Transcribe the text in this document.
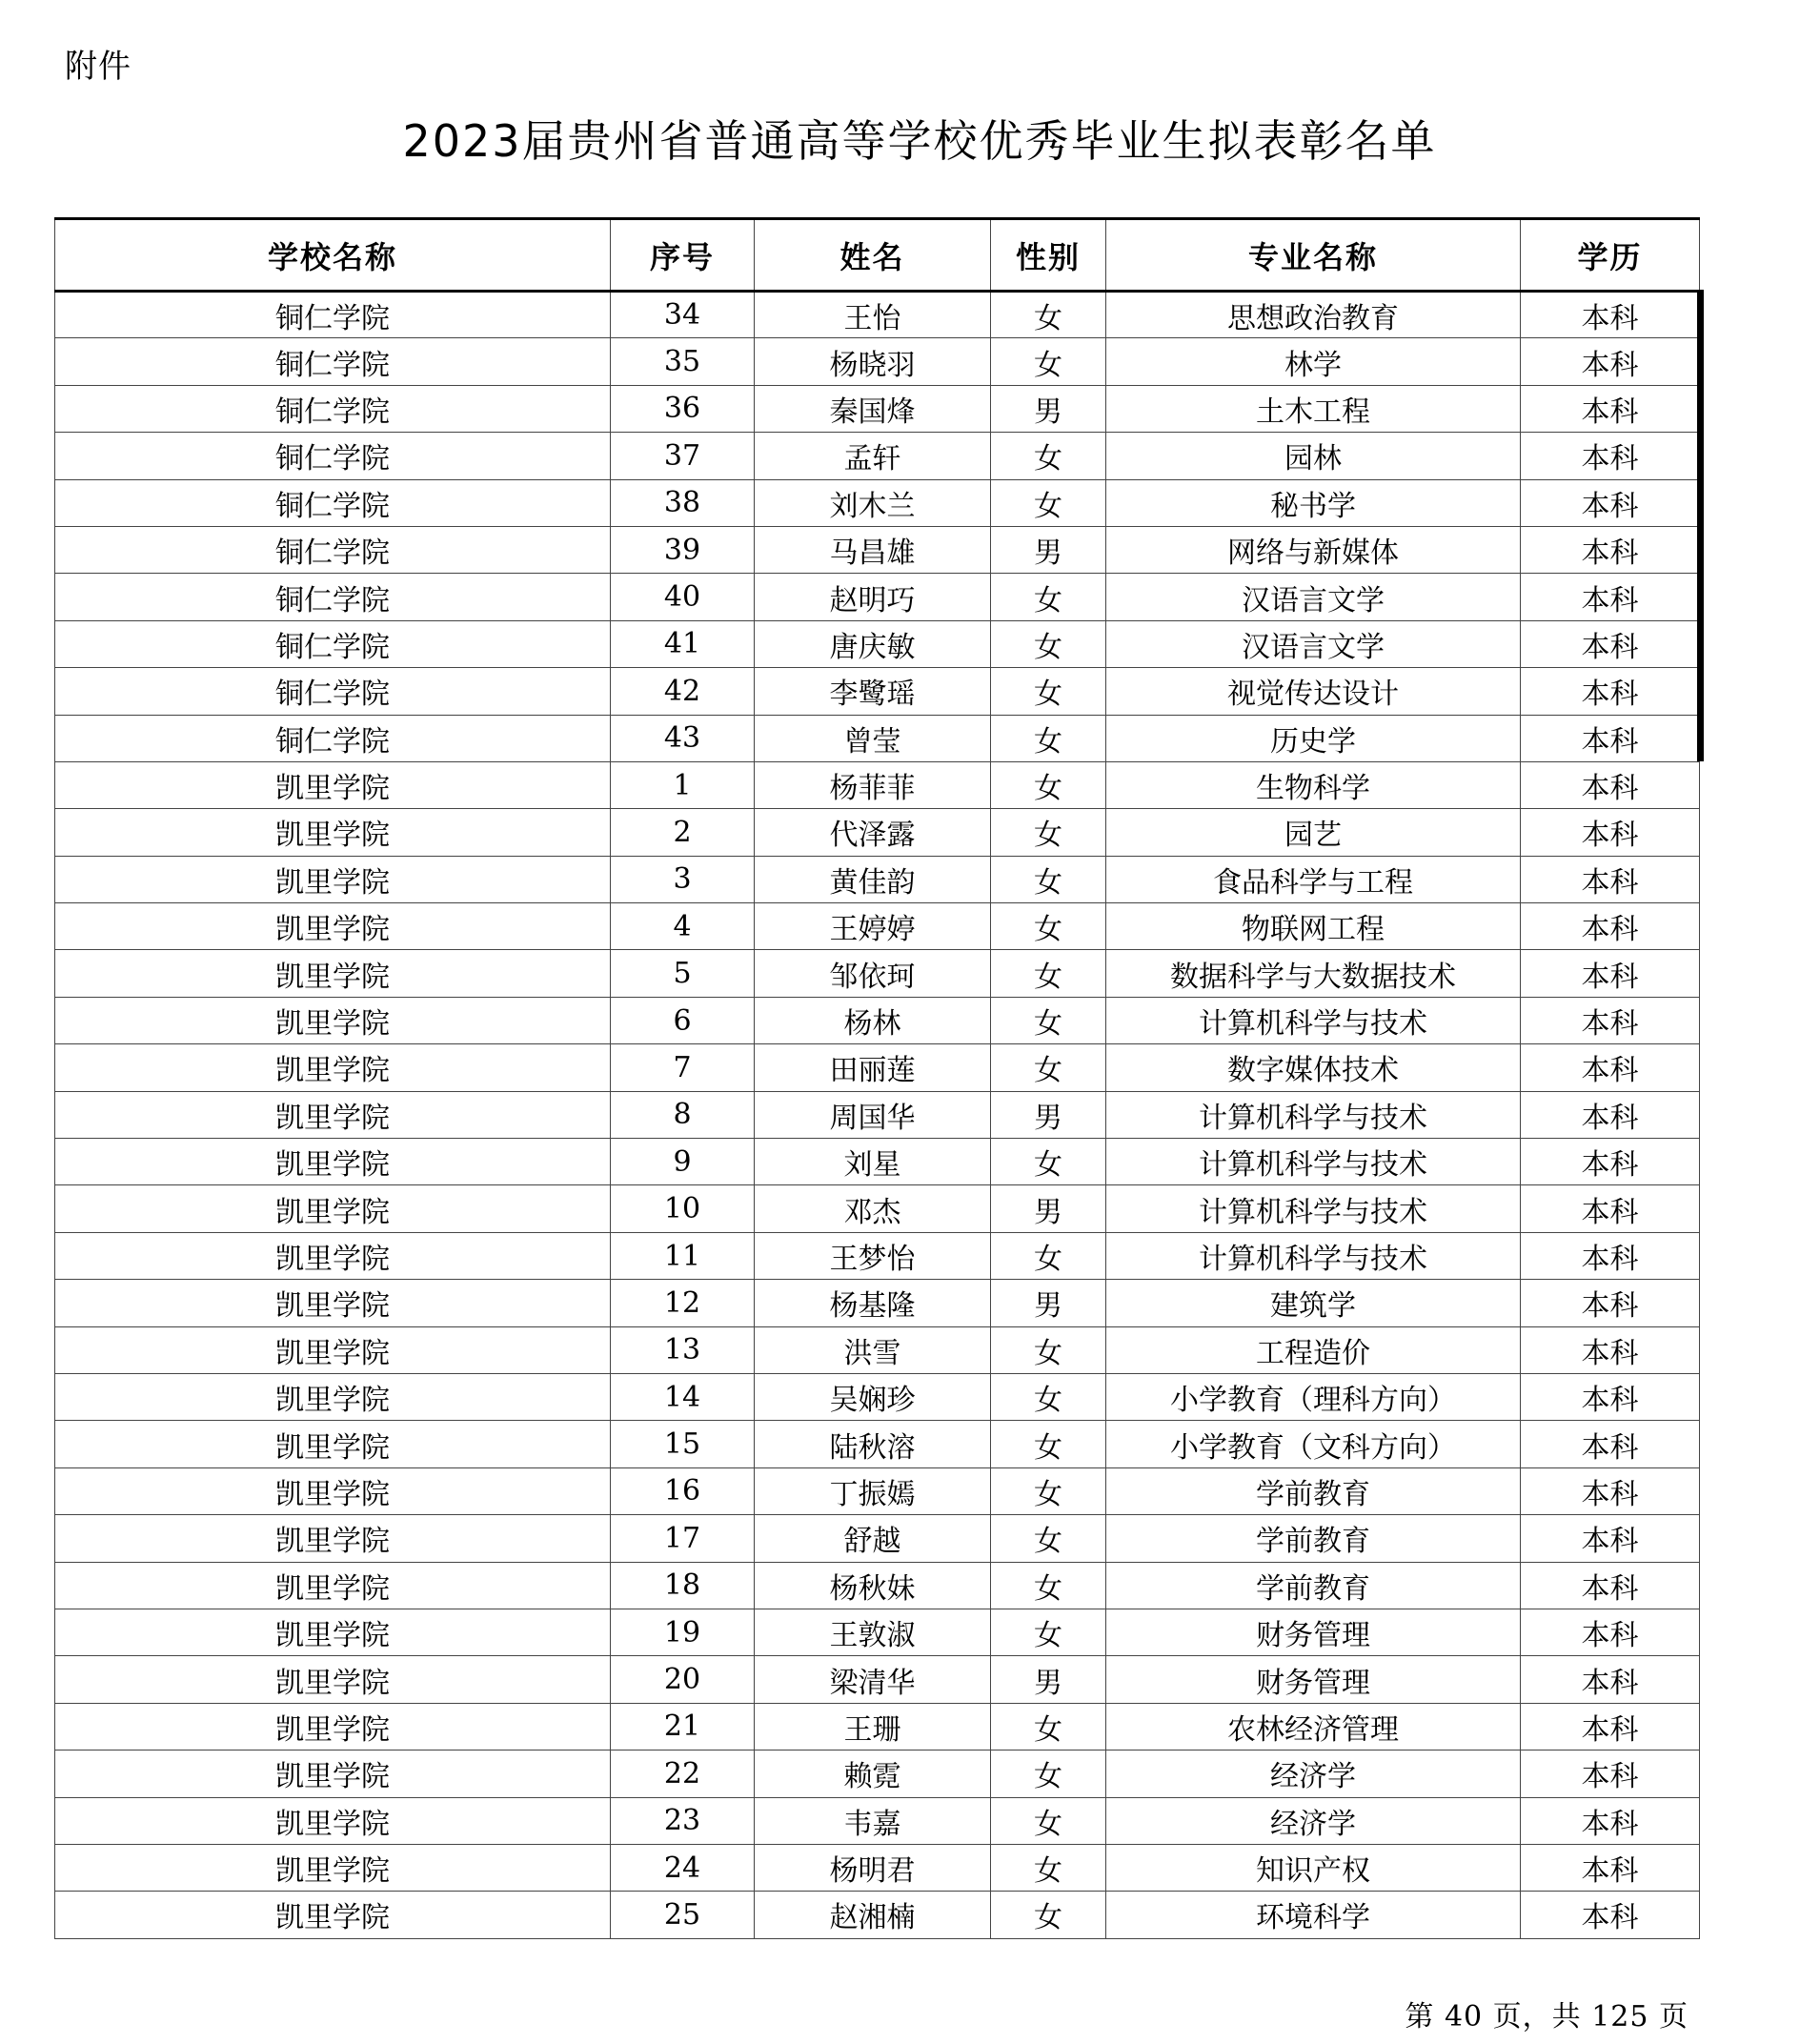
附件
2023届贵州省普通高等学校优秀毕业生拟表彰名单
学校名称	序号	姓名	性别	专业名称	学历
铜仁学院	34	王怡	女	思想政治教育	本科
铜仁学院	35	杨晓羽	女	林学	本科
铜仁学院	36	秦国烽	男	土木工程	本科
铜仁学院	37	孟轩	女	园林	本科
铜仁学院	38	刘木兰	女	秘书学	本科
铜仁学院	39	马昌雄	男	网络与新媒体	本科
铜仁学院	40	赵明巧	女	汉语言文学	本科
铜仁学院	41	唐庆敏	女	汉语言文学	本科
铜仁学院	42	李鹭瑶	女	视觉传达设计	本科
铜仁学院	43	曾莹	女	历史学	本科
凯里学院	1	杨菲菲	女	生物科学	本科
凯里学院	2	代泽露	女	园艺	本科
凯里学院	3	黄佳韵	女	食品科学与工程	本科
凯里学院	4	王婷婷	女	物联网工程	本科
凯里学院	5	邹依珂	女	数据科学与大数据技术	本科
凯里学院	6	杨林	女	计算机科学与技术	本科
凯里学院	7	田丽莲	女	数字媒体技术	本科
凯里学院	8	周国华	男	计算机科学与技术	本科
凯里学院	9	刘星	女	计算机科学与技术	本科
凯里学院	10	邓杰	男	计算机科学与技术	本科
凯里学院	11	王梦怡	女	计算机科学与技术	本科
凯里学院	12	杨基隆	男	建筑学	本科
凯里学院	13	洪雪	女	工程造价	本科
凯里学院	14	吴娴珍	女	小学教育（理科方向）	本科
凯里学院	15	陆秋溶	女	小学教育（文科方向）	本科
凯里学院	16	丁振嫣	女	学前教育	本科
凯里学院	17	舒越	女	学前教育	本科
凯里学院	18	杨秋妹	女	学前教育	本科
凯里学院	19	王敦淑	女	财务管理	本科
凯里学院	20	梁清华	男	财务管理	本科
凯里学院	21	王珊	女	农林经济管理	本科
凯里学院	22	赖霓	女	经济学	本科
凯里学院	23	韦嘉	女	经济学	本科
凯里学院	24	杨明君	女	知识产权	本科
凯里学院	25	赵湘楠	女	环境科学	本科
第 40 页，共 125 页
